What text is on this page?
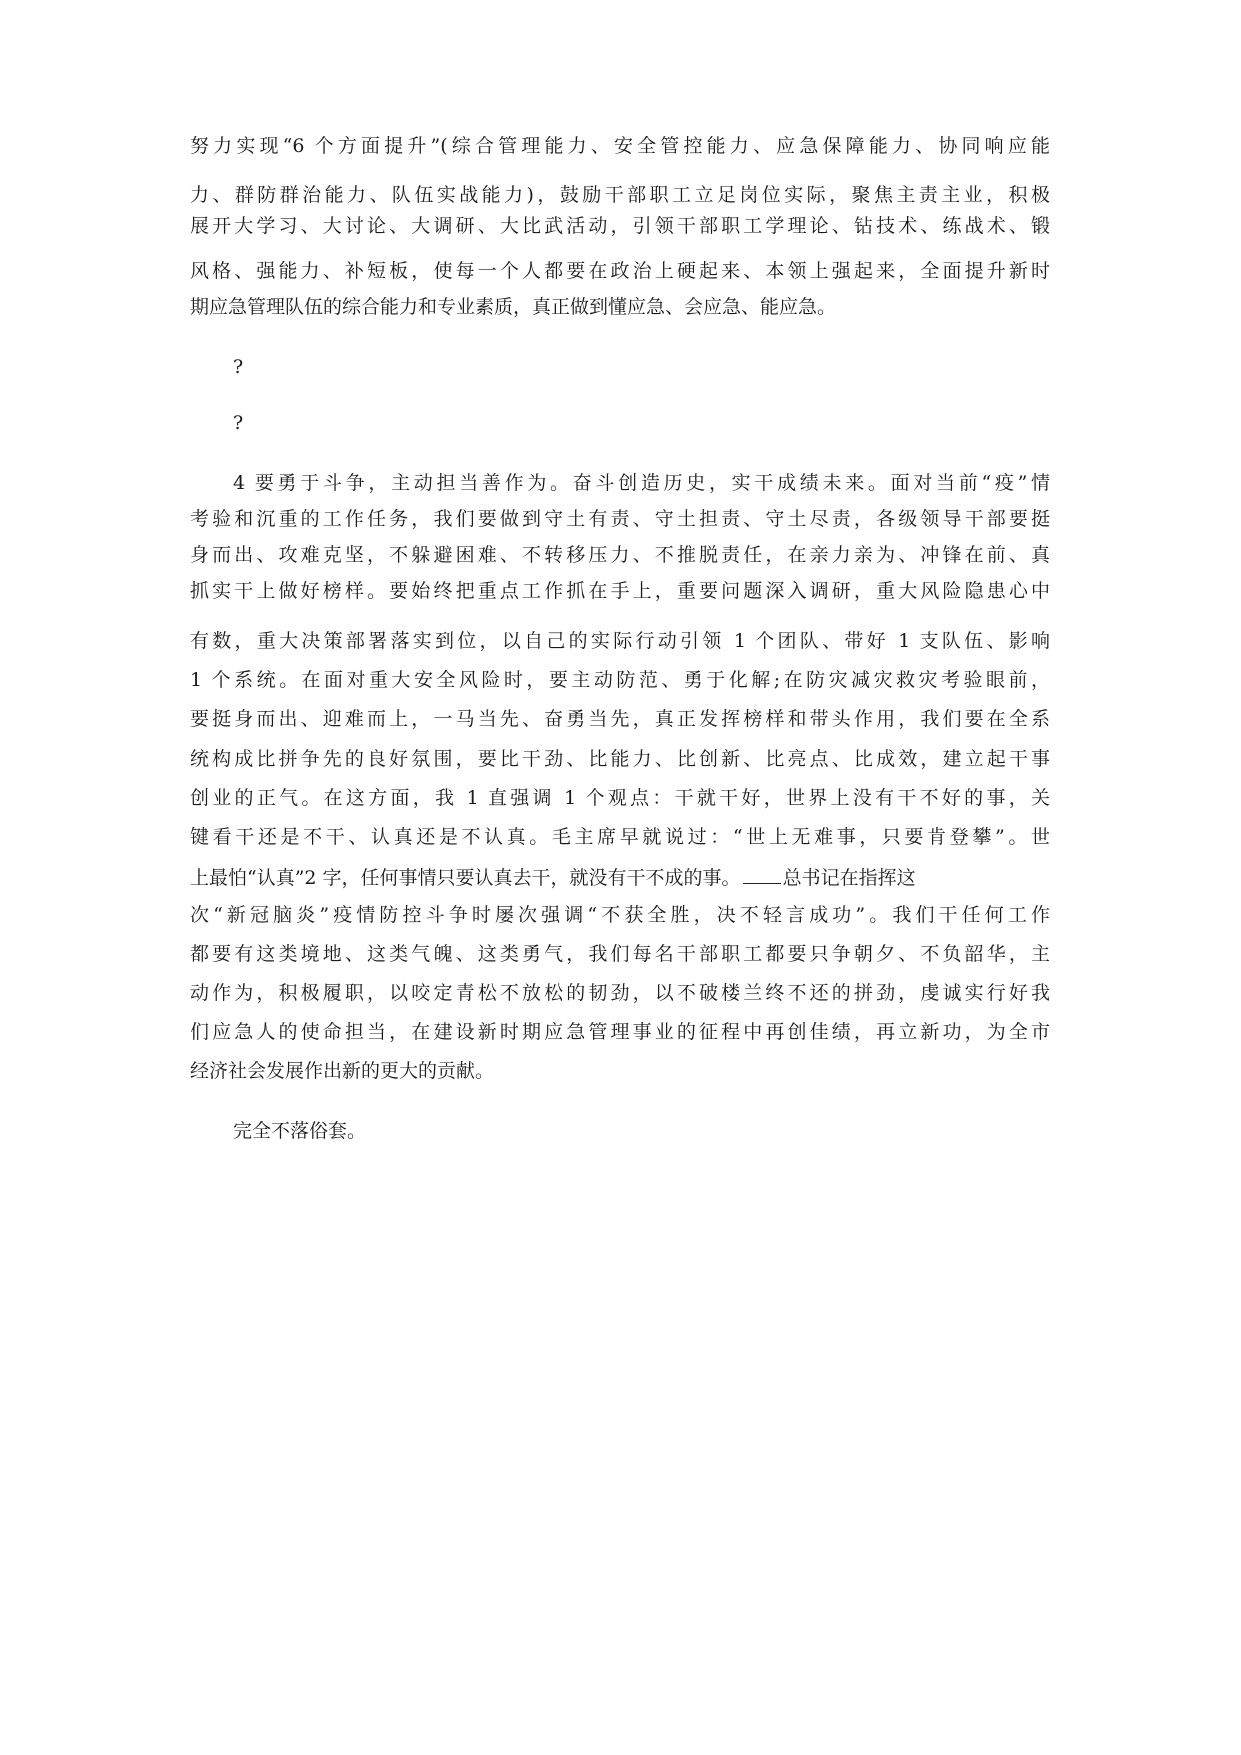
努力实现“6 个方面提升”(综合管理能力、安全管控能力、应急保障能力、协同响应能
力、群防群治能力、队伍实战能力)，鼓励干部职工立足岗位实际，聚焦主责主业，积极
展开大学习、大讨论、大调研、大比武活动，引领干部职工学理论、钻技术、练战术、锻
风格、强能力、补短板，使每一个人都要在政治上硬起来、本领上强起来，全面提升新时
期应急管理队伍的综合能力和专业素质，真正做到懂应急、会应急、能应急。
?
?
4 要勇于斗争，主动担当善作为。奋斗创造历史，实干成绩未来。面对当前“疫”情
考验和沉重的工作任务，我们要做到守土有责、守土担责、守土尽责，各级领导干部要挺
身而出、攻难克坚，不躲避困难、不转移压力、不推脱责任，在亲力亲为、冲锋在前、真
抓实干上做好榜样。要始终把重点工作抓在手上，重要问题深入调研，重大风险隐患心中
有数，重大决策部署落实到位，以自己的实际行动引领 1 个团队、带好 1 支队伍、影响
1 个系统。在面对重大安全风险时，要主动防范、勇于化解;在防灾减灾救灾考验眼前，
要挺身而出、迎难而上，一马当先、奋勇当先，真正发挥榜样和带头作用，我们要在全系
统构成比拼争先的良好氛围，要比干劲、比能力、比创新、比亮点、比成效，建立起干事
创业的正气。在这方面，我 1 直强调 1 个观点：干就干好，世界上没有干不好的事，关
键看干还是不干、认真还是不认真。毛主席早就说过：“世上无难事，只要肯登攀”。世
上最怕“认真”2 字，任何事情只要认真去干，就没有干不成的事。 总书记在指挥这
次“新冠脑炎”疫情防控斗争时屡次强调“不获全胜，决不轻言成功”。我们干任何工作
都要有这类境地、这类气魄、这类勇气，我们每名干部职工都要只争朝夕、不负韶华，主
动作为，积极履职，以咬定青松不放松的韧劲，以不破楼兰终不还的拼劲，虔诚实行好我
们应急人的使命担当，在建设新时期应急管理事业的征程中再创佳绩，再立新功，为全市
经济社会发展作出新的更大的贡献。
完全不落俗套。
